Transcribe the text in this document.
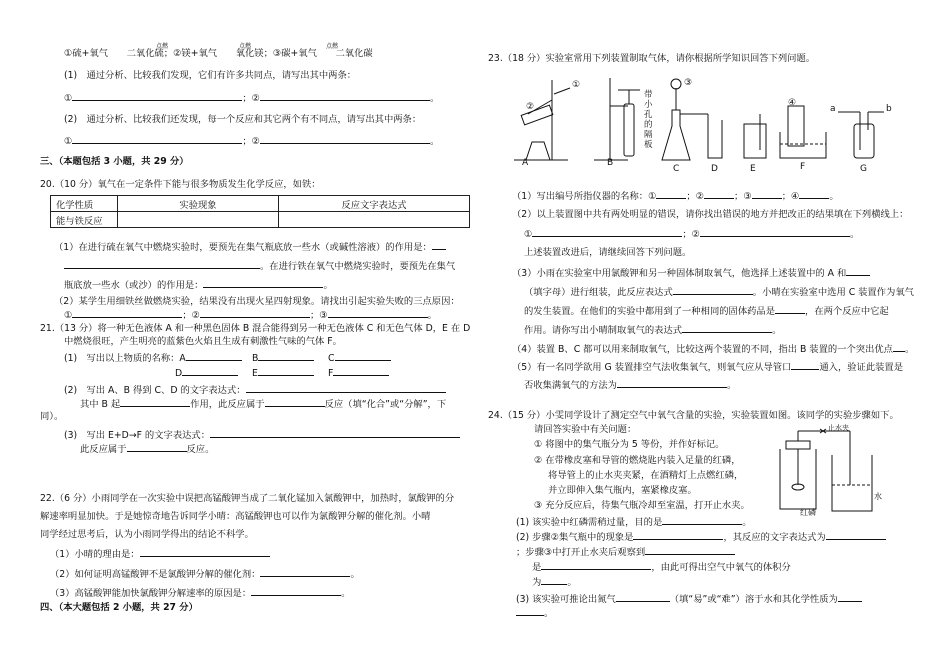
①硫+氧气　　二氧化硫；②镁+氧气　　氧化镁；③碳+氧气　　二氧化碳
点燃	点燃	点燃
(1)　通过分析、比较我们发现，它们有许多共同点，请写出其中两条：
①	；②	。
(2)　通过分析、比较我们还发现，每一个反应和其它两个有不同点，请写出其中两条：
①	；②	。
三、（本题包括 3 小题，共 29 分）
20.（10 分）氧气在一定条件下能与很多物质发生化学反应，如铁：
化学性质	实验现象	反应文字表达式
能与铁反应		
（1）在进行硫在氧气中燃烧实验时，要预先在集气瓶底放一些水（或碱性溶液）的作用是：
。在进行铁在氧气中燃烧实验时，要预先在集气
瓶底放一些水（或沙）的作用是：	。
（2）某学生用细铁丝做燃烧实验，结果没有出现火星四射现象。请找出引起实验失败的三点原因：
①	；②	；③	。
21.（13 分）将一种无色液体 A 和一种黑色固体 B 混合能得到另一种无色液体 C 和无色气体 D，E 在 D
中燃烧很旺，产生明亮的蓝紫色火焰且生成有刺激性气味的气体 F。
(1)　写出以上物质的名称：A	B	C
D	E	F
(2)　写出 A、B 得到 C、D 的文字表达式：
其中 B 起	作用，此反应属于	反应（填“化合”或“分解”，下
同）。
(3)　写出 E+D→F 的文字表达式：
此反应属于	反应。
22.（6 分）小雨同学在一次实验中误把高锰酸钾当成了二氧化锰加入氯酸钾中，加热时，氯酸钾的分
解速率明显加快。于是她惊奇地告诉同学小晴：高锰酸钾也可以作为氯酸钾分解的催化剂。小晴
同学经过思考后，认为小雨同学得出的结论不科学。
（1）小晴的理由是：
（2）如何证明高锰酸钾不是氯酸钾分解的催化剂：	。
（3）高锰酸钾能加快氯酸钾分解速率的原因是：	。
四、（本大题包括 2 小题，共 27 分）
23.（18 分）实验室常用下列装置制取气体，请你根据所学知识回答下列问题。
A	B
C	D	E	F	G
①
②
③
④
带小孔的隔板
a	b
（1）写出编号所指仪器的名称：①	；②	；③	；④	。
（2）以上装置图中共有两处明显的错误，请你找出错误的地方并把改正的结果填在下列横线上：
①	；②	。
上述装置改进后，请继续回答下列问题。
（3）小雨在实验室中用氯酸钾和另一种固体制取氧气，他选择上述装置中的 A 和
（填字母）进行组装，此反应表达式	。小晴在实验室中选用 C 装置作为氧气
的发生装置。在他们的实验中都用到了一种相同的固体药品是	，在两个反应中它起
作用。请你写出小晴制取氧气的表达式	。
（4）装置 B、C 都可以用来制取氧气，比较这两个装置的不同，指出 B 装置的一个突出优点 。
（5）有一名同学欲用 G 装置排空气法收集氧气，则氧气应从导管口	通入，验证此装置是
否收集满氧气的方法为	。
24.（15 分）小雯同学设计了测定空气中氧气含量的实验，实验装置如图。该同学的实验步骤如下。
请回答实验中有关问题：
① 将图中的集气瓶分为 5 等份，并作好标记。
② 在带橡皮塞和导管的燃烧匙内装入足量的红磷，
将导管上的止水夹夹紧，在酒精灯上点燃红磷，
并立即伸入集气瓶内，塞紧橡皮塞。
③ 充分反应后，待集气瓶冷却至室温，打开止水夹。
止水夹
水
红磷
(1) 该实验中红磷需稍过量，目的是	。
(2) 步骤②集气瓶中的现象是	，其反应的文字表达式为
；步骤③中打开止水夹后观察到
是	，由此可得出空气中氧气的体积分
为	。
(3) 该实验可推论出氮气	（填“易”或“难”）溶于水和其化学性质为
。
